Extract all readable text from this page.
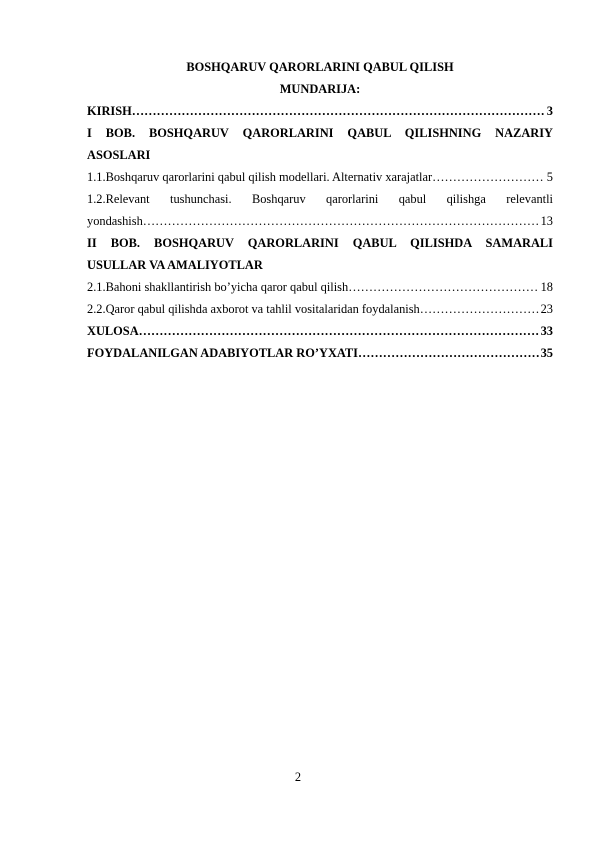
BOSHQARUV QARORLARINI QABUL QILISH
MUNDARIJA:
KIRISH ……………………………………………………………………………………………………………………………………………………………………	3
I BOB. BOSHQARUV QARORLARINI QABUL QILISHNING NAZARIY
ASOSLARI
1.1.Boshqaruv qarorlarini qabul qilish modellari. Alternativ xarajatlar ……………………………………………………………………………………………………………………………………………………………………	5
1.2.Relevant tushunchasi. Boshqaruv qarorlarini qabul qilishga relevantli
yondashish ……………………………………………………………………………………………………………………………………………………………………	13
II BOB. BOSHQARUV QARORLARINI QABUL QILISHDA SAMARALI
USULLAR VA AMALIYOTLAR
2.1.Bahoni shakllantirish bo’yicha qaror qabul qilish ……………………………………………………………………………………………………………………………………………………………………	18
2.2.Qaror qabul qilishda axborot va tahlil vositalaridan foydalanish ……………………………………………………………………………………………………………………………………………………………………	23
XULOSA ……………………………………………………………………………………………………………………………………………………………………	33
FOYDALANILGAN ADABIYOTLAR RO’YXATI ……………………………………………………………………………………………………………………………………………………………………	35
2
